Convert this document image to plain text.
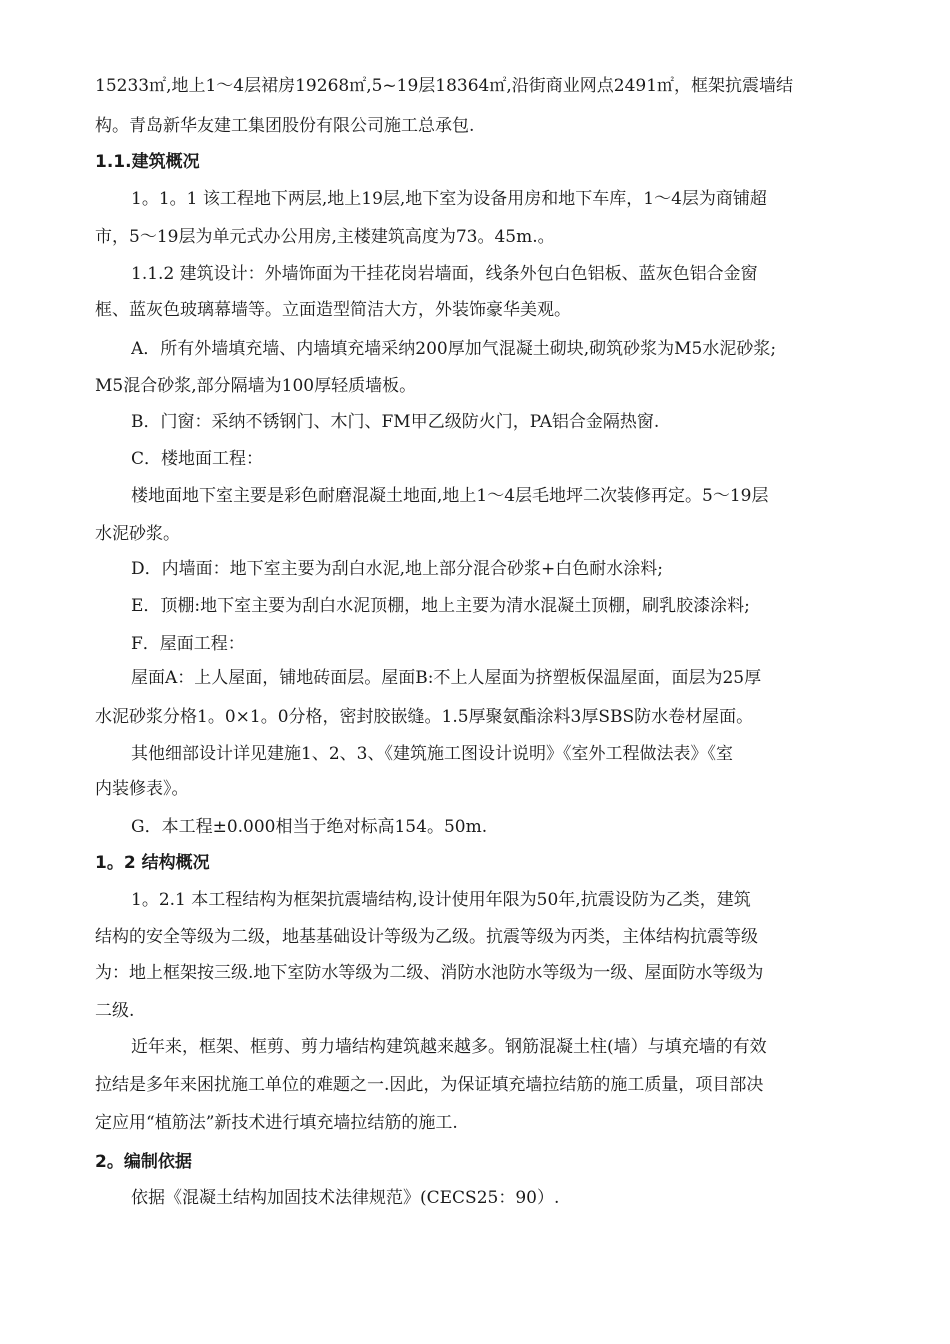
15233㎡,地上1～4层裙房19268㎡,5~19层18364㎡,沿街商业网点2491㎡，框架抗震墙结
构。青岛新华友建工集团股份有限公司施工总承包.
1.1.建筑概况
1。1。1 该工程地下两层,地上19层,地下室为设备用房和地下车库，1～4层为商铺超
市，5～19层为单元式办公用房,主楼建筑高度为73。45m.。
1.1.2 建筑设计：外墙饰面为干挂花岗岩墙面，线条外包白色铝板、蓝灰色铝合金窗
框、蓝灰色玻璃幕墙等。立面造型简洁大方，外装饰豪华美观。
A．所有外墙填充墙、内墙填充墙采纳200厚加气混凝土砌块,砌筑砂浆为M5水泥砂浆;
M5混合砂浆,部分隔墙为100厚轻质墙板。
B．门窗：采纳不锈钢门、木门、FM甲乙级防火门，PA铝合金隔热窗.
C．楼地面工程：
楼地面地下室主要是彩色耐磨混凝土地面,地上1～4层毛地坪二次装修再定。5～19层
水泥砂浆。
D．内墙面：地下室主要为刮白水泥,地上部分混合砂浆+白色耐水涂料;
E．顶棚:地下室主要为刮白水泥顶棚，地上主要为清水混凝土顶棚，刷乳胶漆涂料;
F．屋面工程：
屋面A：上人屋面，铺地砖面层。屋面B:不上人屋面为挤塑板保温屋面，面层为25厚
水泥砂浆分格1。0×1。0分格，密封胶嵌缝。1.5厚聚氨酯涂料3厚SBS防水卷材屋面。
其他细部设计详见建施1、2、3、《建筑施工图设计说明》《室外工程做法表》《室
内装修表》。
G．本工程±0.000相当于绝对标高154。50m.
1。2 结构概况
1。2.1 本工程结构为框架抗震墙结构,设计使用年限为50年,抗震设防为乙类，建筑
结构的安全等级为二级，地基基础设计等级为乙级。抗震等级为丙类，主体结构抗震等级
为：地上框架按三级.地下室防水等级为二级、消防水池防水等级为一级、屋面防水等级为
二级.
近年来，框架、框剪、剪力墙结构建筑越来越多。钢筋混凝土柱(墙）与填充墙的有效
拉结是多年来困扰施工单位的难题之一.因此，为保证填充墙拉结筋的施工质量，项目部决
定应用“植筋法”新技术进行填充墙拉结筋的施工.
2。编制依据
依据《混凝土结构加固技术法律规范》(CECS25：90）.
